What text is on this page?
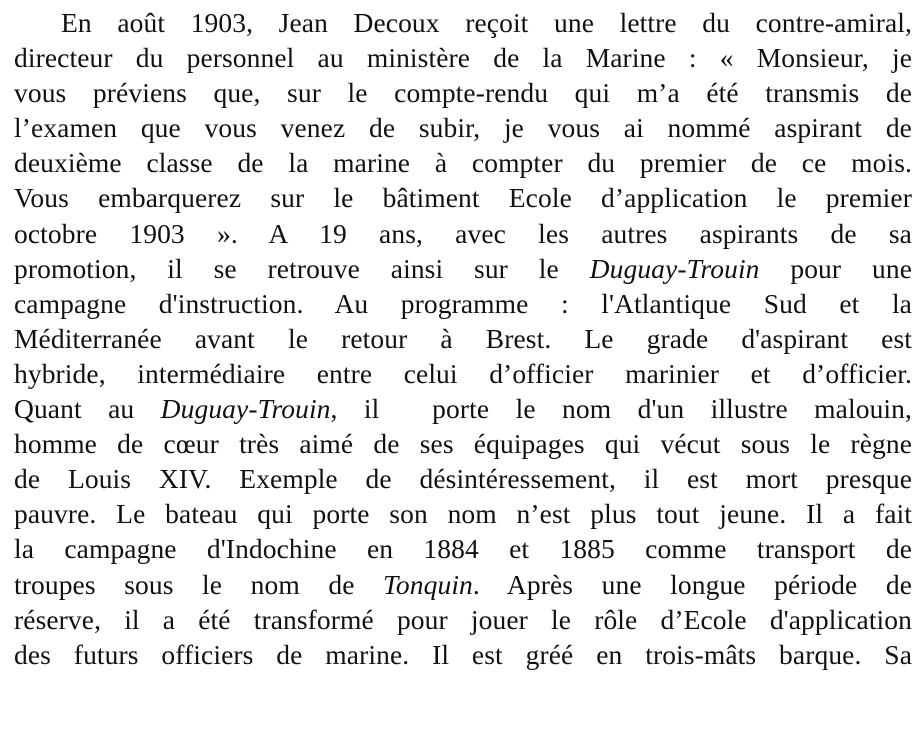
En août 1903, Jean Decoux reçoit une lettre du contre-amiral,
directeur du personnel au ministère de la Marine : « Monsieur, je
vous préviens que, sur le compte-rendu qui m’a été transmis de
l’examen que vous venez de subir, je vous ai nommé aspirant de
deuxième classe de la marine à compter du premier de ce mois.
Vous embarquerez sur le bâtiment Ecole d’application le premier
octobre 1903 ». A 19 ans, avec les autres aspirants de sa
promotion, il se retrouve ainsi sur le Duguay-Trouin pour une
campagne d'instruction. Au programme : l'Atlantique Sud et la
Méditerranée avant le retour à Brest. Le grade d'aspirant est
hybride, intermédiaire entre celui d’officier marinier et d’officier.
Quant au Duguay-Trouin, il  porte le nom d'un illustre malouin,
homme de cœur très aimé de ses équipages qui vécut sous le règne
de Louis XIV. Exemple de désintéressement, il est mort presque
pauvre. Le bateau qui porte son nom n’est plus tout jeune. Il a fait
la campagne d'Indochine en 1884 et 1885 comme transport de
troupes sous le nom de Tonquin. Après une longue période de
réserve, il a été transformé pour jouer le rôle d’Ecole d'application
des futurs officiers de marine. Il est gréé en trois-mâts barque. Sa
